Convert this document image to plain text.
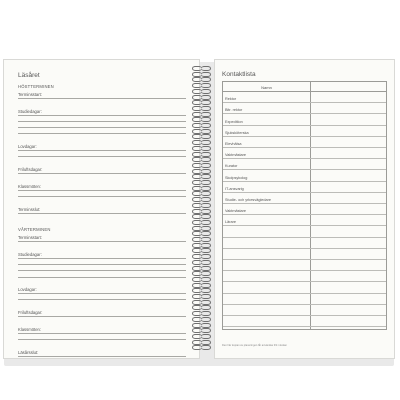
Läsåret
HÖSTTERMINEN
Terminsstart:
Studiedagar:
Lovdagar:
Friluftsdagar:
Klassmöten:
Terminsslut:
VÅRTERMINEN
Terminsstart:
Studiedagar:
Lovdagar:
Friluftsdagar:
Klassmöten:
Läsårsslut:
Kontaktlista
Namn
Rektor
Bitr. rektor
Expedition
Sjuksköterska
Elevhälsa
Vaktmästare
Kurator
Skolpsykolog
IT-ansvarig
Studie- och yrkesvägledare
Vaktmästare
Lärare
Den här kopian av planeringen får användas fritt i skolan
